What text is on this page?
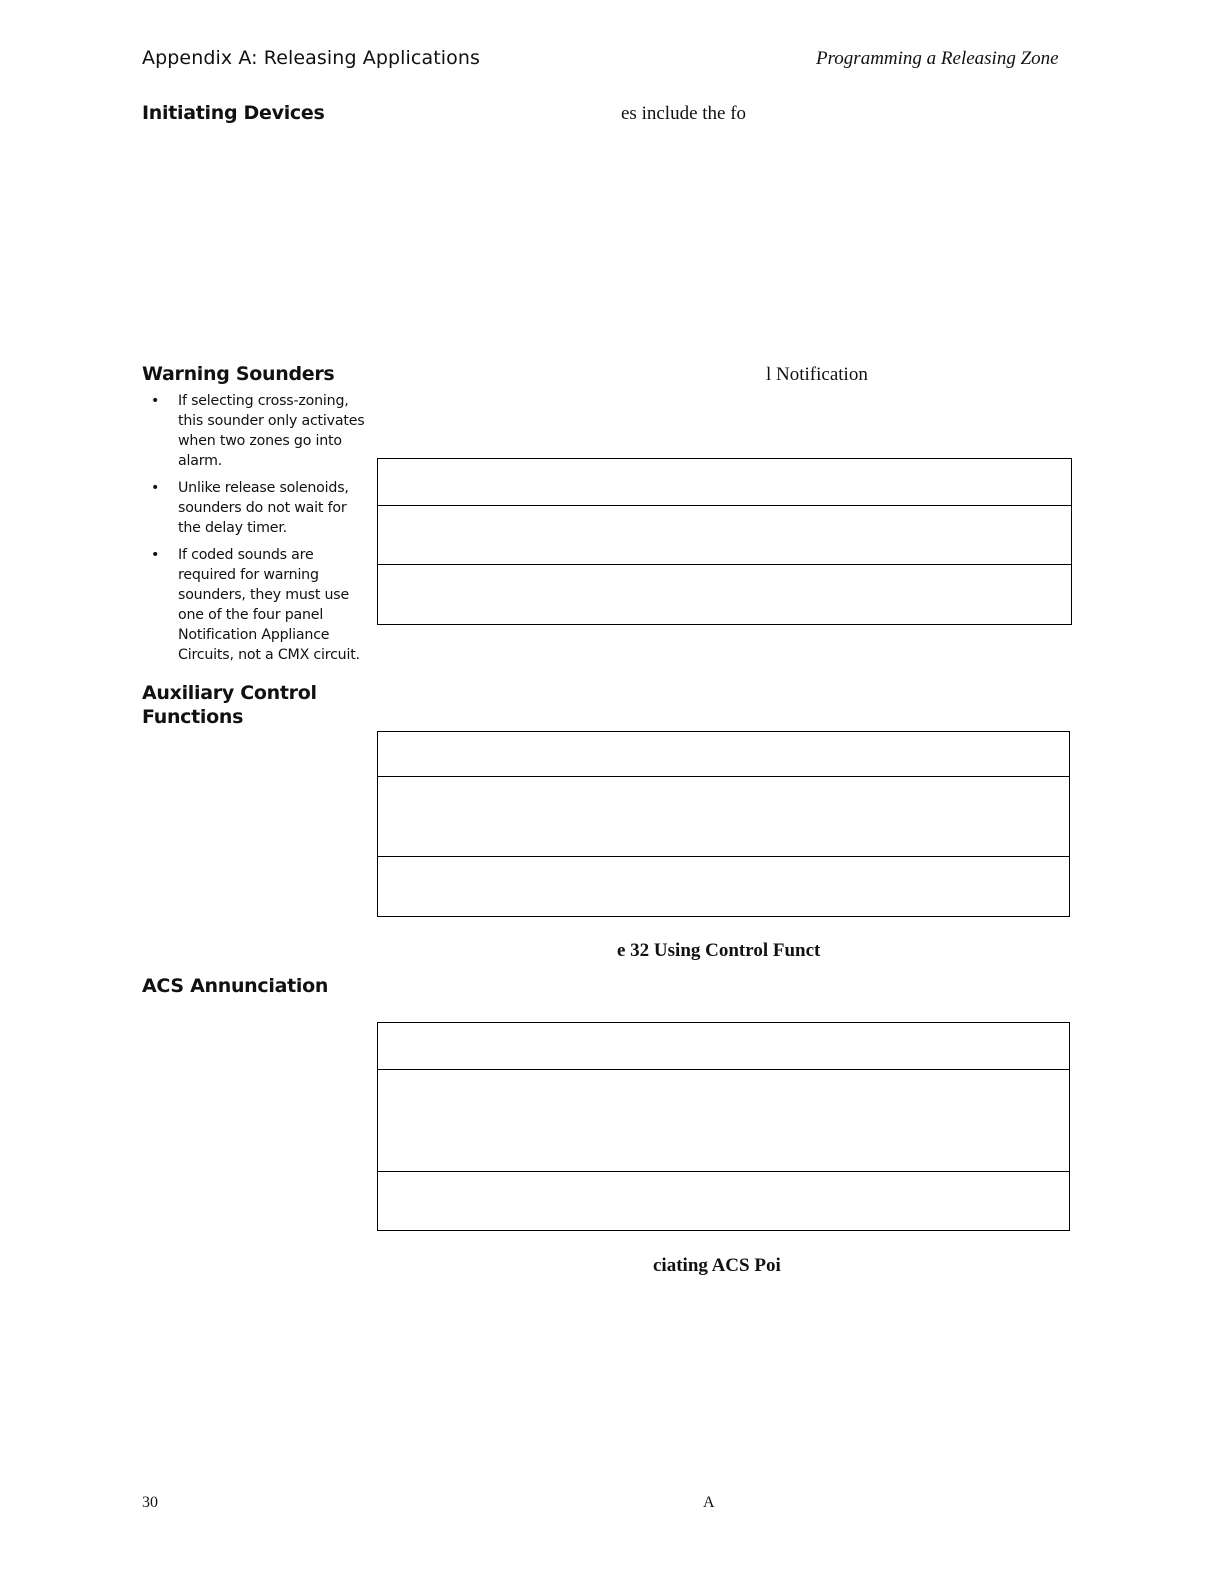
Appendix A: Releasing Applications	Programming a Releasing Zone
Initiating Devices	es include the fo
Warning Sounders	l Notification
• If selecting cross-zoning, this sounder only activates when two zones go into alarm.
• Unlike release solenoids, sounders do not wait for the delay timer.
• If coded sounds are required for warning sounders, they must use one of the four panel Notification Appliance Circuits, not a CMX circuit.

Auxiliary Control Functions

e 32 Using Control Funct
ACS Annunciation

ciating ACS Poi
30	A
